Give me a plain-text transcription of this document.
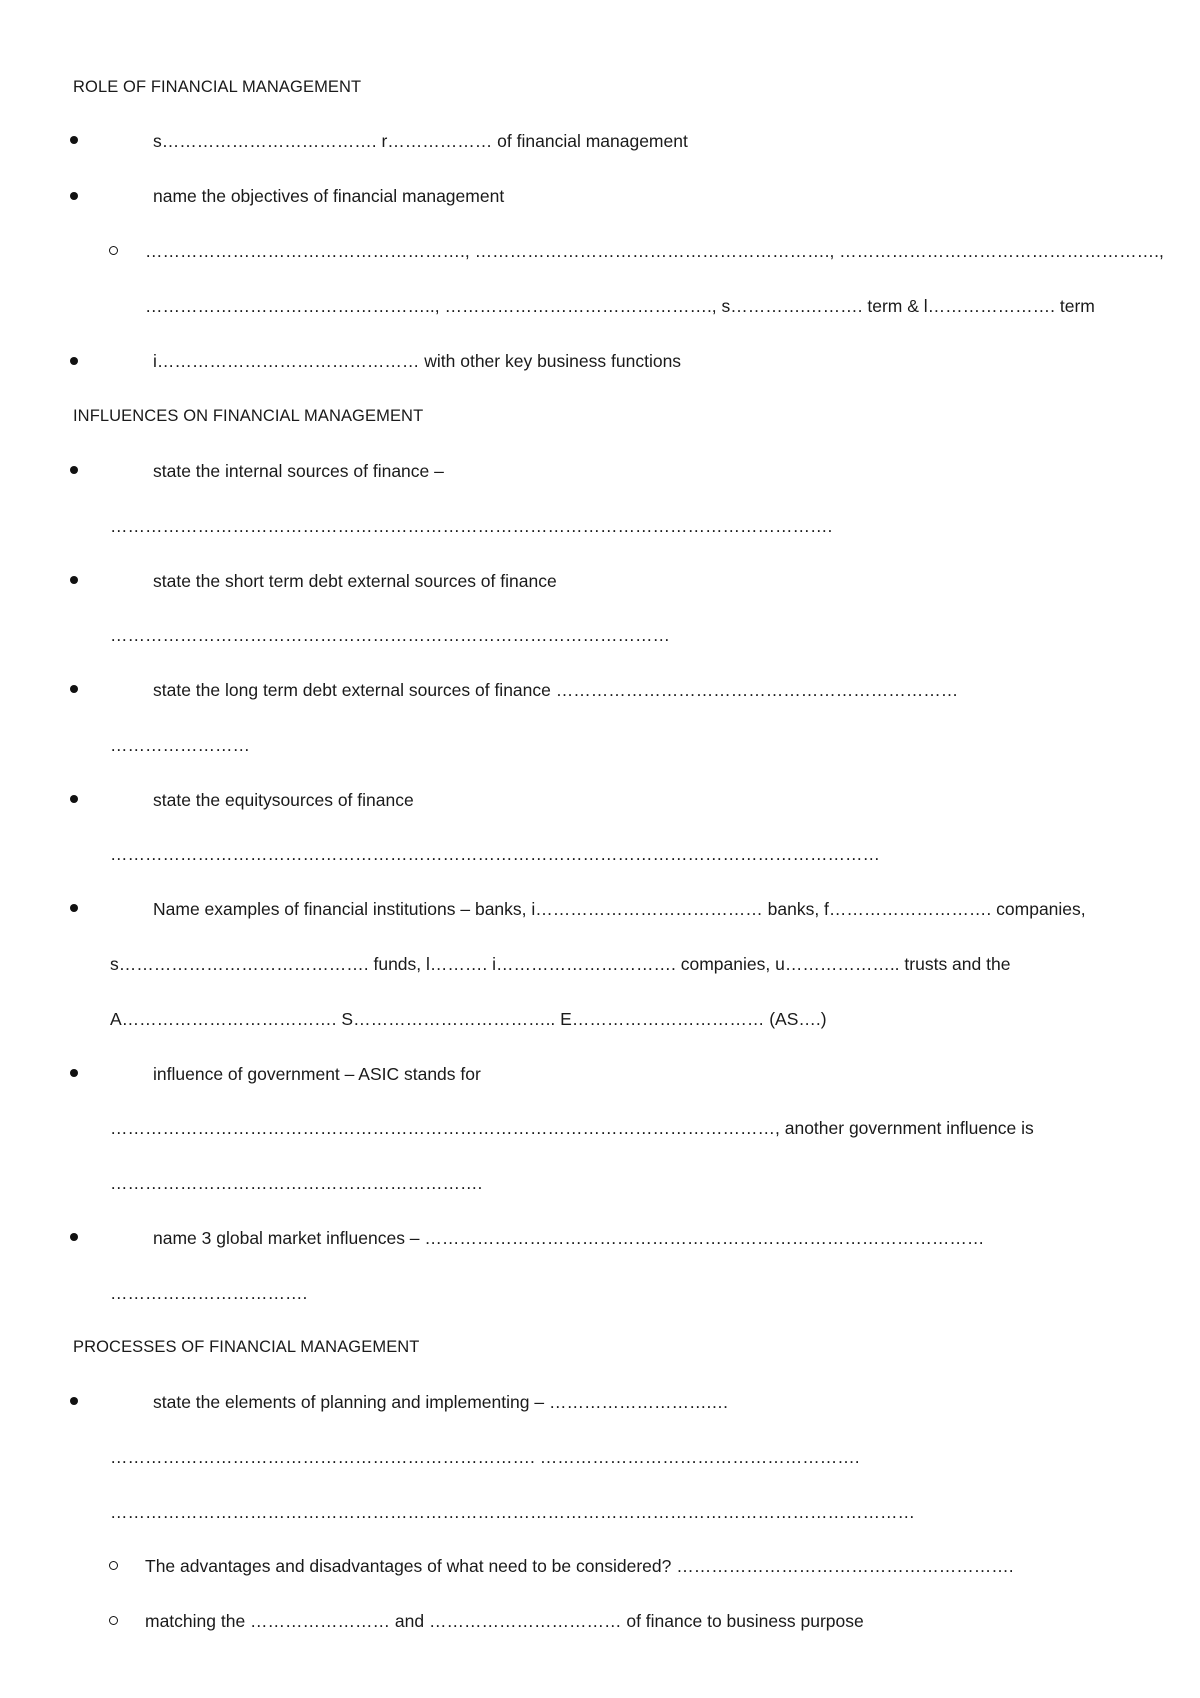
ROLE OF FINANCIAL MANAGEMENT
s………………………………. r……………… of financial management
name the objectives of financial management
………………………………………………., ……………………………………………………., ……………………………………………….,
………………………………………….., ………………………………………., s………….………. term & l…………………. term
i……………………………………… with other key business functions
INFLUENCES ON FINANCIAL MANAGEMENT
state the internal sources of finance –
…………………………………………………………………………………………………………….
state the short term debt external sources of finance
……………………………………………………………………………………
state the long term debt external sources of finance ……………………………………………………………
……………………
state the equitysources of finance
……………………………………………………………………………………………………………………
Name examples of financial institutions – banks, i………………………………… banks, f………………………. companies,
s……………………………………. funds, l………. i…………………………. companies, u……………….. trusts and the
A………………………………. S…………………………….. E…………………………… (AS….)
influence of government – ASIC stands for
……………………………………………………………………………………………………, another government influence is
……………………………………………………….
name 3 global market influences – ……………………………………………………………………………………
…………………………….
PROCESSES OF FINANCIAL MANAGEMENT
state the elements of planning and implementing – ……………………….…
………………………………………………………………. ……………………………………………….
…………………………………………………………………………………………………………………………
The advantages and disadvantages of what need to be considered? ………………………………………………….
matching the …………………… and …………………………… of finance to business purpose
